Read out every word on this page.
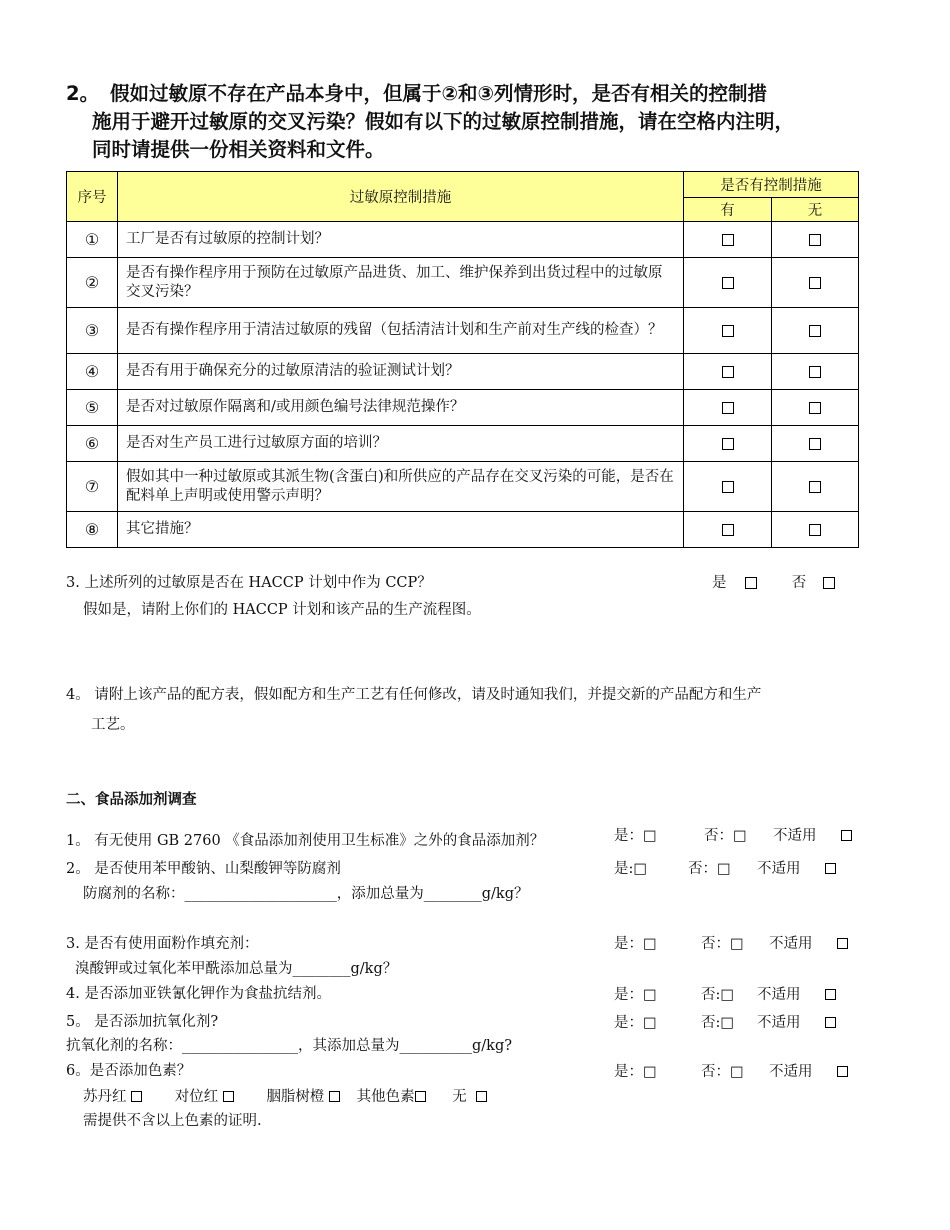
2。 假如过敏原不存在产品本身中，但属于②和③列情形时，是否有相关的控制措
施用于避开过敏原的交叉污染？假如有以下的过敏原控制措施，请在空格内注明，
同时请提供一份相关资料和文件。
序号	过敏原控制措施	是否有控制措施	
		有	无
①	工厂是否有过敏原的控制计划？		
②	是否有操作程序用于预防在过敏原产品进货、加工、维护保养到出货过程中的过敏原交叉污染？		
③	是否有操作程序用于清洁过敏原的残留（包括清洁计划和生产前对生产线的检查）？		
④	是否有用于确保充分的过敏原清洁的验证测试计划？		
⑤	是否对过敏原作隔离和/或用颜色编号法律规范操作？		
⑥	是否对生产员工进行过敏原方面的培训？		
⑦	假如其中一种过敏原或其派生物(含蛋白)和所供应的产品存在交叉污染的可能，是否在配料单上声明或使用警示声明？		
⑧	其它措施？		
3. 上述所列的过敏原是否在 HACCP 计划中作为 CCP？	是	否
假如是，请附上你们的 HACCP 计划和该产品的生产流程图。
4。 请附上该产品的配方表，假如配方和生产工艺有任何修改，请及时通知我们，并提交新的产品配方和生产
工艺。
二、食品添加剂调查
1。 有无使用 GB 2760 《食品添加剂使用卫生标准》之外的食品添加剂？	是：□	否：□ 不适用
2。 是否使用苯甲酸钠、山梨酸钾等防腐剂	是:□	否：□ 不适用
防腐剂的名称：_____________________，添加总量为________g/kg？
3. 是否有使用面粉作填充剂：	是：□	否：□ 不适用
溴酸钾或过氧化苯甲酰添加总量为________g/kg？
4. 是否添加亚铁氰化钾作为食盐抗结剂。	是：□	否:□ 不适用
5。 是否添加抗氧化剂?	是：□	否:□ 不适用
抗氧化剂的名称：________________，其添加总量为__________g/kg?
6。是否添加色素？	是：□	否：□ 不适用
苏丹红	对位红	胭脂树橙 其他色素	无
需提供不含以上色素的证明.
